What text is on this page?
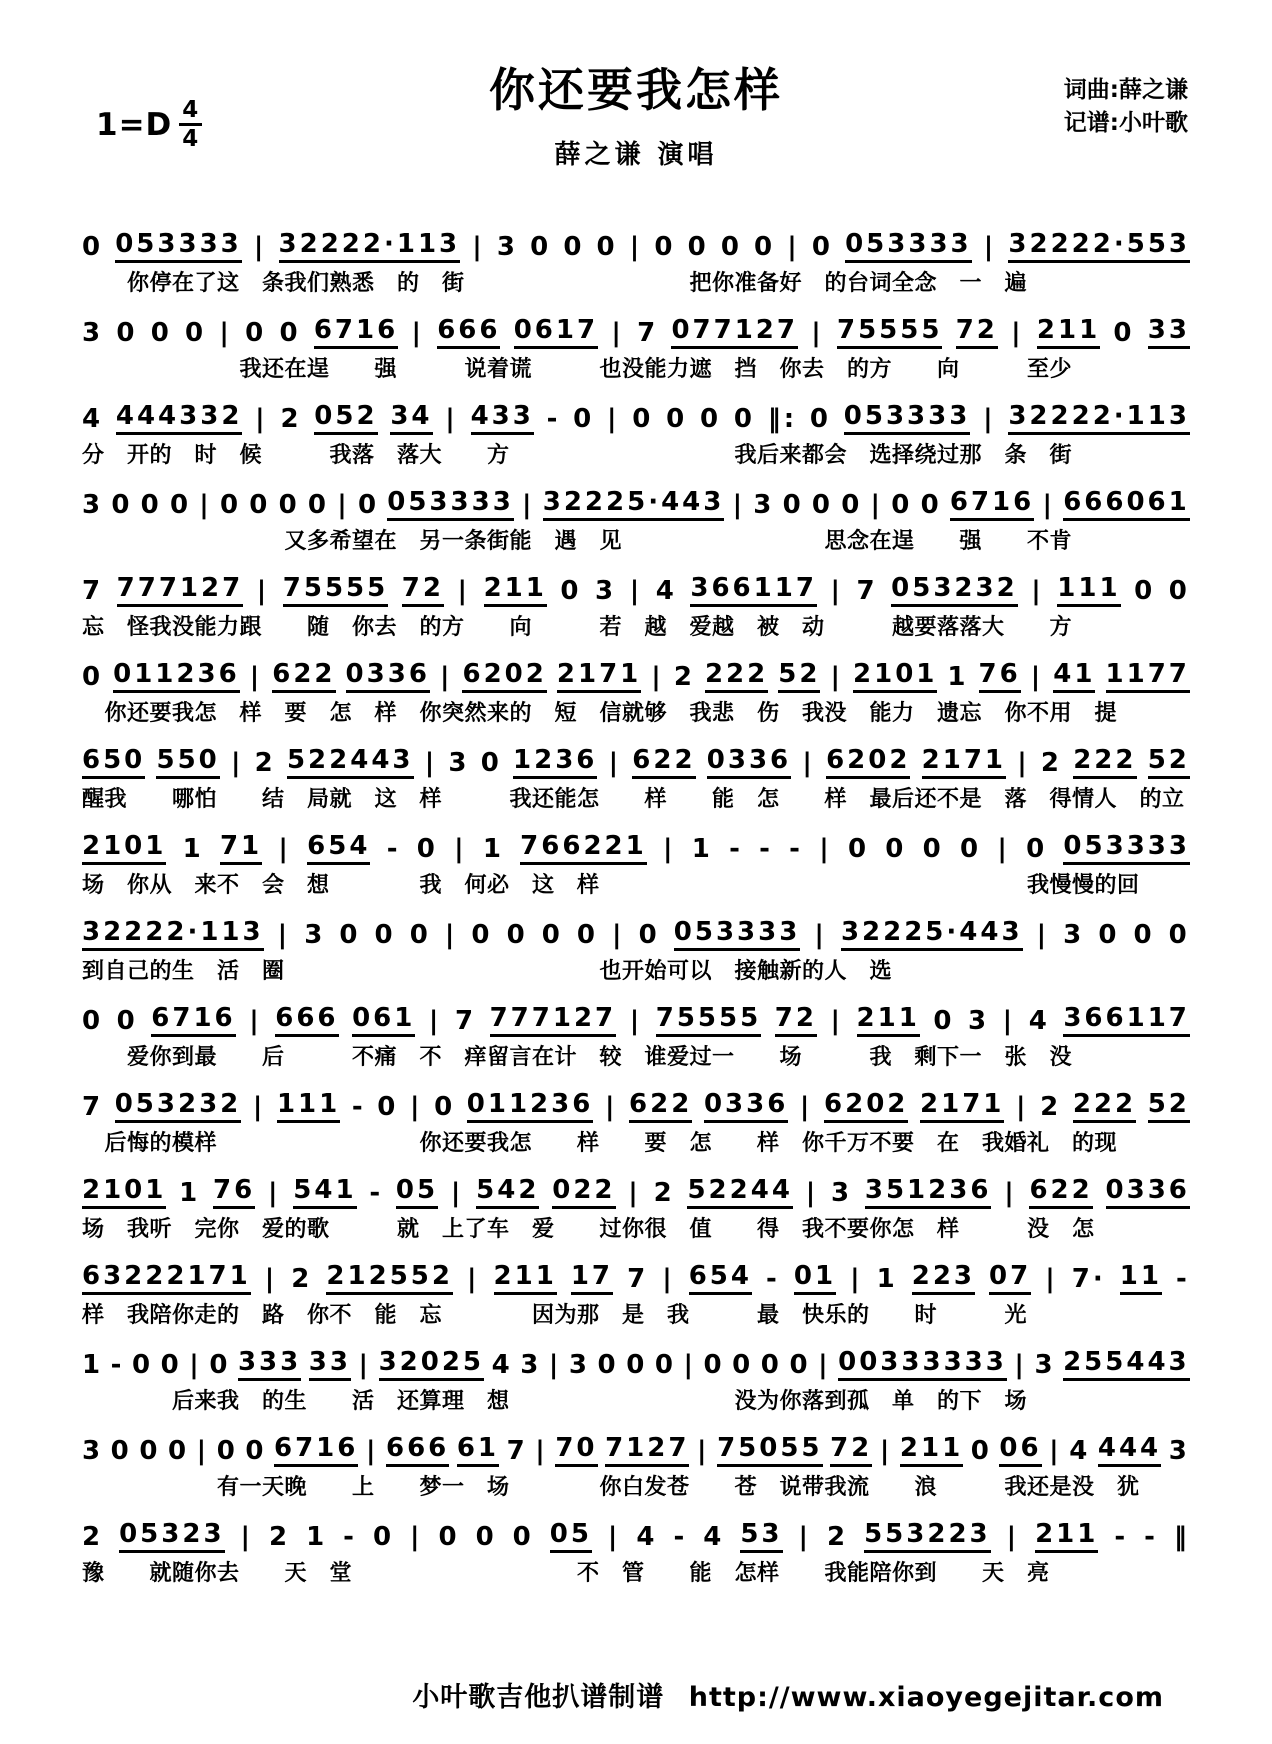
$1=D \frac{4}{4}$
你还要我怎样
薛之谦 演唱
词曲:薛之谦
记谱:小叶歌
0 053333 | 32222·113 | 3 0 0 0 | 0 0 0 0 | 0 053333 | 32222·553
　　你停在了这　条我们熟悉　的　街　　　　　　　　　　把你准备好　的台词全念　一　遍
3 0 0 0 | 0 0 6716 | 666 0617 | 7 077127 | 75555 72 | 211 0 33
　　　　　　　我还在逞　　强　　　说着谎　　　也没能力遮　挡　你去　的方　　向　　　至少
4 444332 | 2 052 34 | 433 - 0 | 0 0 0 0 ‖: 0 053333 | 32222·113
分　开的　时　候　　　我落　落大　　方　　　　　　　　　　我后来都会　选择绕过那　条　街
3 0 0 0 | 0 0 0 0 | 0 053333 | 32225·443 | 3 0 0 0 | 0 0 6716 | 666061
　　　　　　　　　又多希望在　另一条街能　遇　见　　　　　　　　　思念在逞　　强　　不肯
7 777127 | 75555 72 | 211 0 3 | 4 366117 | 7 053232 | 111 0 0
忘　怪我没能力跟　　随　你去　的方　　向　　　若　越　爱越　被　动　　　越要落落大　　方
0 011236 | 622 0336 | 6202 2171 | 2 222 52 | 2101 1 76 | 41 1177
　你还要我怎　样　要　怎　样　你突然来的　短　信就够　我悲　伤　我没　能力　遗忘　你不用　提
650 550 | 2 522443 | 3 0 1236 | 622 0336 | 6202 2171 | 2 222 52
醒我　　哪怕　　结　局就　这　样　　　我还能怎　　样　　能　怎　　样　最后还不是　落　得情人　的立
2101 1 71 | 654 - 0 | 1 766221 | 1 - - - | 0 0 0 0 | 0 053333
场　你从　来不　会　想　　　　我　何必　这　样　　　　　　　　　　　　　　　　　　　我慢慢的回
32222·113 | 3 0 0 0 | 0 0 0 0 | 0 053333 | 32225·443 | 3 0 0 0
到自己的生　活　圈　　　　　　　　　　　　　　也开始可以　接触新的人　选
0 0 6716 | 666 061 | 7 777127 | 75555 72 | 211 0 3 | 4 366117
　　爱你到最　　后　　　不痛　不　痒留言在计　较　谁爱过一　　场　　　我　剩下一　张　没
7 053232 | 111 - 0 | 0 011236 | 622 0336 | 6202 2171 | 2 222 52
　后悔的模样　　　　　　　　　你还要我怎　　样　　要　怎　　样　你千万不要　在　我婚礼　的现
2101 1 76 | 541 - 05 | 542 022 | 2 52244 | 3 351236 | 622 0336
场　我听　完你　爱的歌　　　就　上了车　爱　　过你很　值　　得　我不要你怎　样　　　没　怎
63222171 | 2 212552 | 211 17 7 | 654 - 01 | 1 223 07 | 7· 11 -
样　我陪你走的　路　你不　能　忘　　　　因为那　是　我　　　最　快乐的　　时　　　光
1 - 0 0 | 0 333 33 | 32025 4 3 | 3 0 0 0 | 0 0 0 0 | 00333333 | 3 255443
　　　　后来我　的生　　活　还算理　想　　　　　　　　　　没为你落到孤　单　的下　场
3 0 0 0 | 0 0 6716 | 666 61 7 | 70 7127 | 75055 72 | 211 0 06 | 4 444 3
　　　　　　有一天晚　　上　　梦一　场　　　　你白发苍　　苍　说带我流　　浪　　　我还是没　犹
2 05323 | 2 1 - 0 | 0 0 0 05 | 4 - 4 53 | 2 553223 | 211 - - ‖
豫　　就随你去　　天　堂　　　　　　　　　　不　管　　能　怎样　　我能陪你到　　天　亮
小叶歌吉他扒谱制谱 http://www.xiaoyegejitar.com
